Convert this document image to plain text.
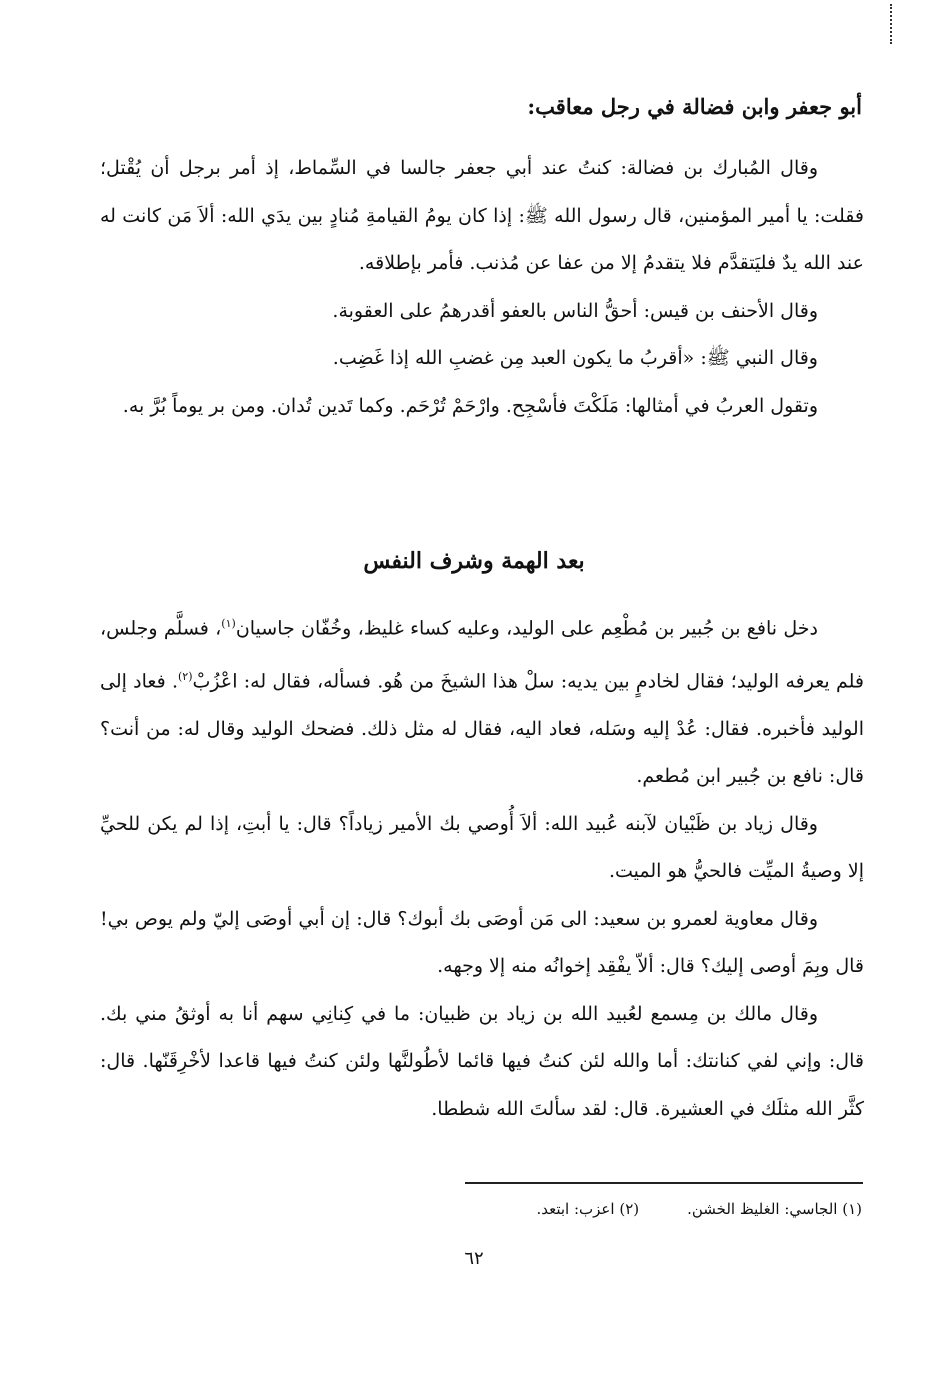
أبو جعفر وابن فضالة في رجل معاقب:

وقال المُبارك بن فضالة: كنتُ عند أبي جعفر جالسا في السِّماط، إذ أمر برجل أن يُقْتل؛ فقلت: يا أمير المؤمنين، قال رسول الله ﷺ: إذا كان يومُ القيامةِ مُنادٍ بين يدَي الله: ألاَ مَن كانت له عند الله يدٌ فليَتقدَّم فلا يتقدمُ إلا من عفا عن مُذنب. فأمر بإطلاقه.

وقال الأحنف بن قيس: أحقُّ الناس بالعفو أقدرهمُ على العقوبة.

وقال النبي ﷺ: «أقربُ ما يكون العبد مِن غضبِ الله إذا غَضِب.

وتقول العربُ في أمثالها: مَلَكْتَ فأسْجِح. وارْحَمْ تُرْحَم. وكما تَدين تُدان. ومن بر يوماً بُرَّ به.

بعد الهمة وشرف النفس

دخل نافع بن جُبير بن مُطْعِم على الوليد، وعليه كساء غليظ، وخُفّان جاسيان$^{(١)}$، فسلَّم وجلس، فلم يعرفه الوليد؛ فقال لخادمٍ بين يديه: سلْ هذا الشيخَ من هُو. فسأله، فقال له: اعْزُبْ$^{(٢)}$. فعاد إلى الوليد فأخبره. فقال: عُدْ إليه وسَله، فعاد اليه، فقال له مثل ذلك. فضحك الوليد وقال له: من أنت؟ قال: نافع بن جُبير ابن مُطعم.

وقال زياد بن ظَبْيان لآبنه عُبيد الله: ألاَ أُوصي بك الأمير زياداً؟ قال: يا أبتِ، إذا لم يكن للحيِّ إلا وصيةُ الميِّت فالحيُّ هو الميت.

وقال معاوية لعمرو بن سعيد: الى مَن أوصَى بك أبوك؟ قال: إن أبي أوصَى إليّ ولم يوص بي! قال وبِمَ أوصى إليك؟ قال: ألاّ يفْقِد إخوانُه منه إلا وجهه.

وقال مالك بن مِسمع لعُبيد الله بن زياد بن ظبيان: ما في كِنانِي سهم أنا به أوثقُ مني بك. قال: وإني لفي كنانتك: أما والله لئن كنتُ فيها قائما لأطُولنَّها ولئن كنتُ فيها قاعدا لأخْرِقَنّها. قال: كثَّر الله مثلَك في العشيرة. قال: لقد سألتَ الله شططا.

(١) الجاسي: الغليظ الخشن.(٢) اعزب: ابتعد.
٦٢
